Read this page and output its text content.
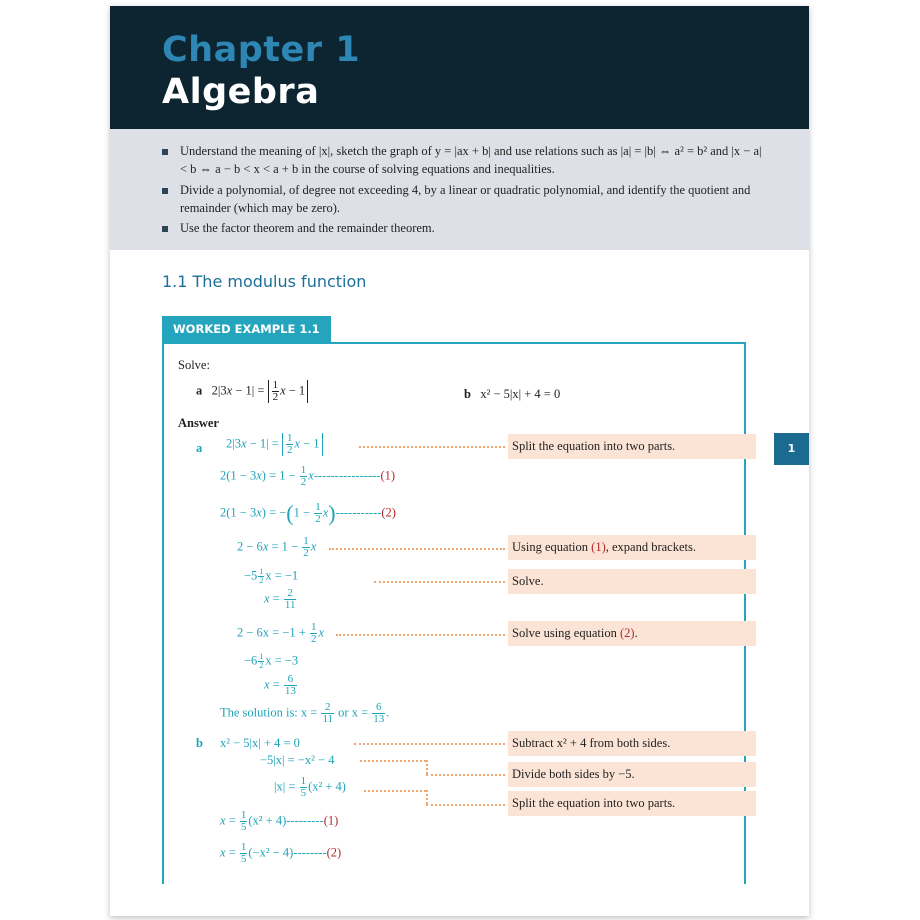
Chapter 1
Algebra
Understand the meaning of |x|, sketch the graph of y = |ax + b| and use relations such as |a| = |b| ⇔ a² = b² and |x − a| < b ⇔ a − b < x < a + b in the course of solving equations and inequalities.
Divide a polynomial, of degree not exceeding 4, by a linear or quadratic polynomial, and identify the quotient and remainder (which may be zero).
Use the factor theorem and the remainder theorem.
1.1 The modulus function
WORKED EXAMPLE 1.1
Solve:
a   $2|3x - 1| = \frac{1}{2}$ x − 1	b x² − 5|x| + 4 = 0
Answer
a $2|3x - 1| = \frac{1}{2}$ x − 1	Split the equation into two parts.
$2(1 - 3x) = 1 - \frac{1}{2} x----------------(1)$
$2(1 - 3x) = -(1 - \frac{1}{2} x)-----------(2)$
$2 - 6x = 1 - \frac{1}{2}$ x	Using equation (1), expand brackets.
$-5 \frac{1}{2}$ x = −1	Solve.
$x = \frac{2}{11}$
$2 - 6x = -1 + \frac{1}{2}$ x	Solve using equation (2).
$-6 \frac{1}{2}$ x = −3
$x = \frac{6}{13}$
The solution is: $x = \frac{2}{11}$ or $x = \frac{6}{13}$ .
b x² − 5|x| + 4 = 0	Subtract x² + 4 from both sides.
−5|x| = −x² − 4
Divide both sides by −5.
$|x| = \frac{1}{5} (x^2 + 4)$
Split the equation into two parts.
$x = \frac{1}{5} (x^2 + 4)---------(1)$
$x = \frac{1}{5} (-x^2 - 4)--------(2)$
1
